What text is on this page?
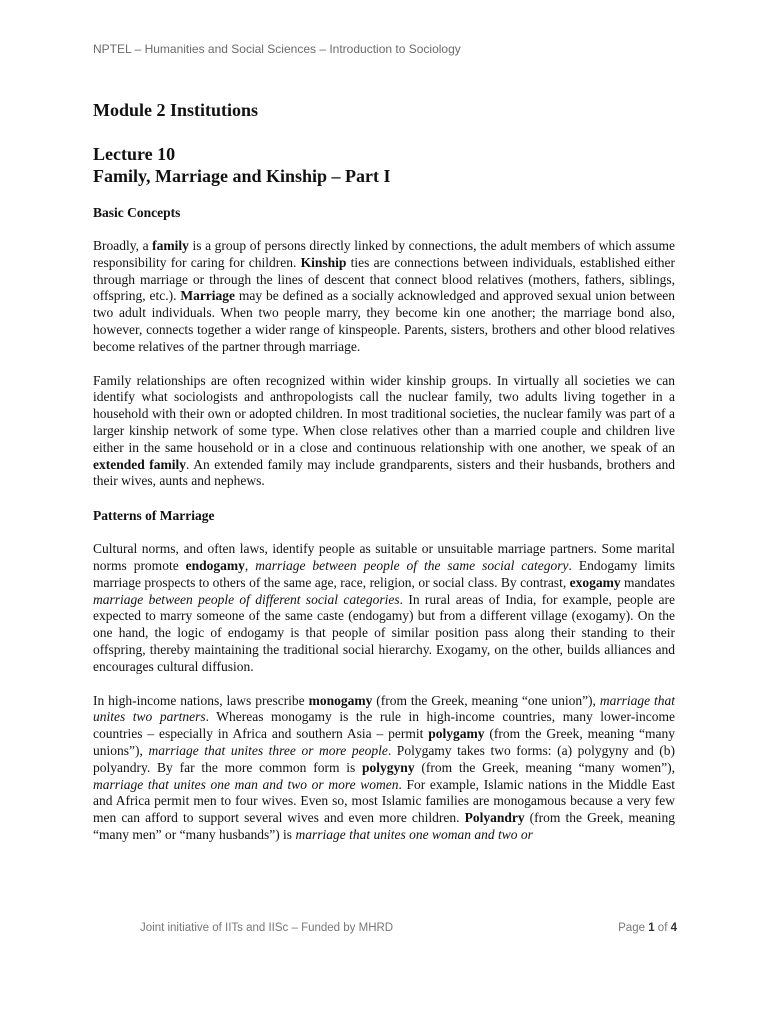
NPTEL – Humanities and Social Sciences – Introduction to Sociology
Module 2 Institutions
Lecture 10
Family, Marriage and Kinship – Part I
Basic Concepts

Broadly, a family is a group of persons directly linked by connections, the adult members of which assume responsibility for caring for children. Kinship ties are connections between individuals, established either through marriage or through the lines of descent that connect blood relatives (mothers, fathers, siblings, offspring, etc.). Marriage may be defined as a socially acknowledged and approved sexual union between two adult individuals. When two people marry, they become kin one another; the marriage bond also, however, connects together a wider range of kinspeople. Parents, sisters, brothers and other blood relatives become relatives of the partner through marriage.

Family relationships are often recognized within wider kinship groups. In virtually all societies we can identify what sociologists and anthropologists call the nuclear family, two adults living together in a household with their own or adopted children. In most traditional societies, the nuclear family was part of a larger kinship network of some type. When close relatives other than a married couple and children live either in the same household or in a close and continuous relationship with one another, we speak of an extended family. An extended family may include grandparents, sisters and their husbands, brothers and their wives, aunts and nephews.

Patterns of Marriage

Cultural norms, and often laws, identify people as suitable or unsuitable marriage partners. Some marital norms promote endogamy, marriage between people of the same social category. Endogamy limits marriage prospects to others of the same age, race, religion, or social class. By contrast, exogamy mandates marriage between people of different social categories. In rural areas of India, for example, people are expected to marry someone of the same caste (endogamy) but from a different village (exogamy). On the one hand, the logic of endogamy is that people of similar position pass along their standing to their offspring, thereby maintaining the traditional social hierarchy. Exogamy, on the other, builds alliances and encourages cultural diffusion.

In high-income nations, laws prescribe monogamy (from the Greek, meaning “one union”), marriage that unites two partners. Whereas monogamy is the rule in high-income countries, many lower-income countries – especially in Africa and southern Asia – permit polygamy (from the Greek, meaning “many unions”), marriage that unites three or more people. Polygamy takes two forms: (a) polygyny and (b) polyandry. By far the more common form is polygyny (from the Greek, meaning “many women”), marriage that unites one man and two or more women. For example, Islamic nations in the Middle East and Africa permit men to four wives. Even so, most Islamic families are monogamous because a very few men can afford to support several wives and even more children. Polyandry (from the Greek, meaning “many men” or “many husbands”) is marriage that unites one woman and two or

Joint initiative of IITs and IISc – Funded by MHRD	Page 1 of 4
